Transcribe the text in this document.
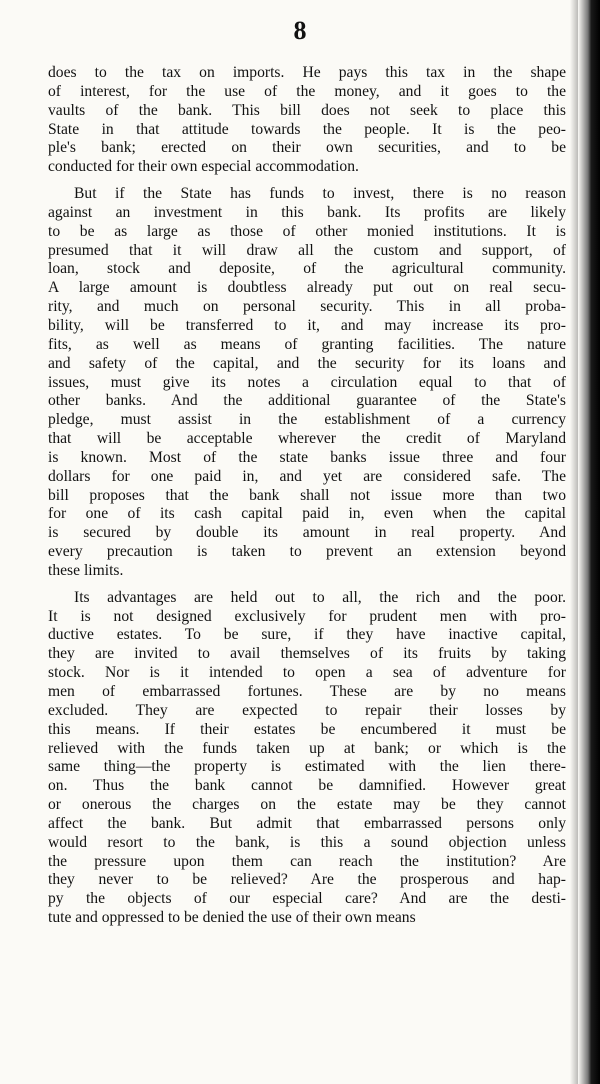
8
does to the tax on imports. He pays this tax in the shape
of interest, for the use of the money, and it goes to the
vaults of the bank. This bill does not seek to place this
State in that attitude towards the people. It is the peo-
ple's bank; erected on their own securities, and to be
conducted for their own especial accommodation.
But if the State has funds to invest, there is no reason
against an investment in this bank. Its profits are likely
to be as large as those of other monied institutions. It is
presumed that it will draw all the custom and support, of
loan, stock and deposite, of the agricultural community.
A large amount is doubtless already put out on real secu-
rity, and much on personal security. This in all proba-
bility, will be transferred to it, and may increase its pro-
fits, as well as means of granting facilities. The nature
and safety of the capital, and the security for its loans and
issues, must give its notes a circulation equal to that of
other banks. And the additional guarantee of the State's
pledge, must assist in the establishment of a currency
that will be acceptable wherever the credit of Maryland
is known. Most of the state banks issue three and four
dollars for one paid in, and yet are considered safe. The
bill proposes that the bank shall not issue more than two
for one of its cash capital paid in, even when the capital
is secured by double its amount in real property. And
every precaution is taken to prevent an extension beyond
these limits.
Its advantages are held out to all, the rich and the poor.
It is not designed exclusively for prudent men with pro-
ductive estates. To be sure, if they have inactive capital,
they are invited to avail themselves of its fruits by taking
stock. Nor is it intended to open a sea of adventure for
men of embarrassed fortunes. These are by no means
excluded. They are expected to repair their losses by
this means. If their estates be encumbered it must be
relieved with the funds taken up at bank; or which is the
same thing—the property is estimated with the lien there-
on. Thus the bank cannot be damnified. However great
or onerous the charges on the estate may be they cannot
affect the bank. But admit that embarrassed persons only
would resort to the bank, is this a sound objection unless
the pressure upon them can reach the institution? Are
they never to be relieved? Are the prosperous and hap-
py the objects of our especial care? And are the desti-
tute and oppressed to be denied the use of their own means
